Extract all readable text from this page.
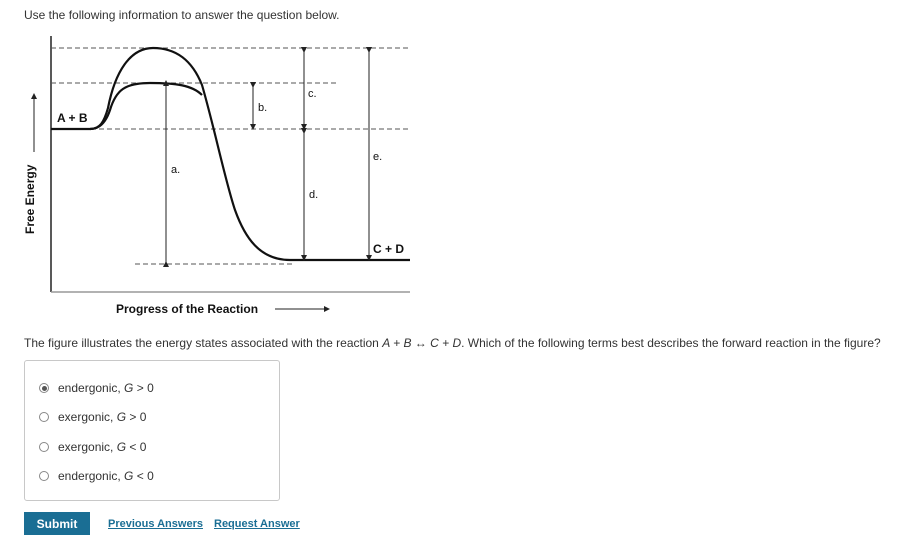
Use the following information to answer the question below.
Free Energy
Progress of the Reaction
A + B
C + D
a.
b.
c.
d.
e.
The figure illustrates the energy states associated with the reaction A + B ↔ C + D. Which of the following terms best describes the forward reaction in the figure?
endergonic, G > 0
exergonic, G > 0
exergonic, G < 0
endergonic, G < 0
Submit	Previous Answers Request Answer
